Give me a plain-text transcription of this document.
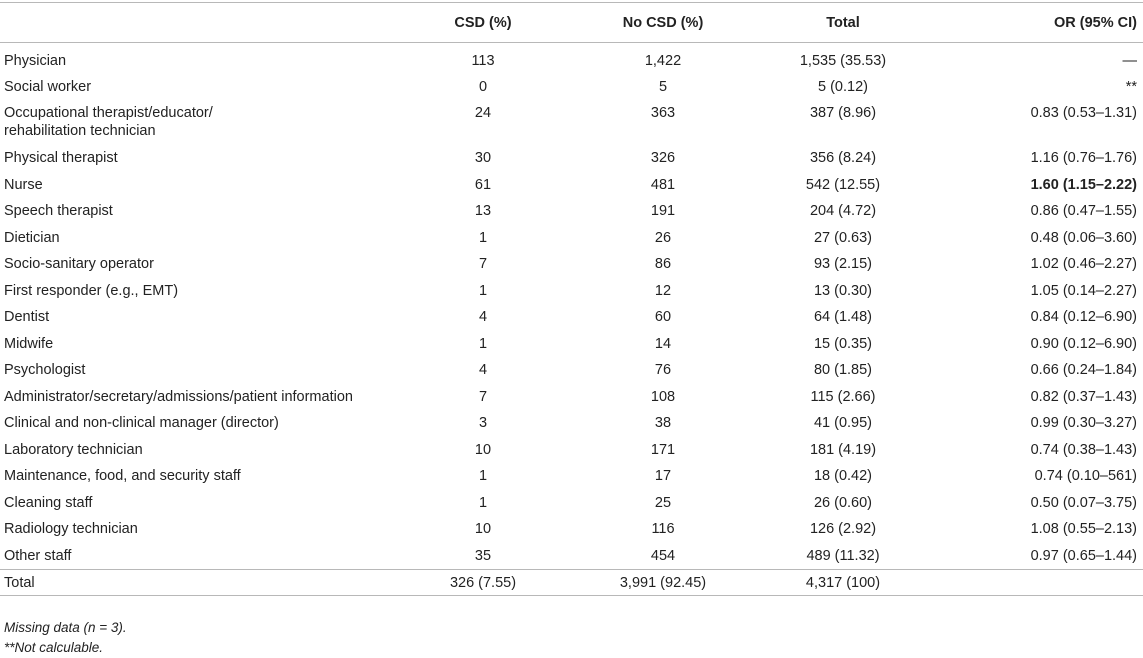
	CSD (%)	No CSD (%)	Total	OR (95% CI)
Physician	113	1,422	1,535 (35.53)	—
Social worker	0	5	5 (0.12)	**
Occupational therapist/educator/
rehabilitation technician	24	363	387 (8.96)	0.83 (0.53–1.31)
Physical therapist	30	326	356 (8.24)	1.16 (0.76–1.76)
Nurse	61	481	542 (12.55)	1.60 (1.15–2.22)
Speech therapist	13	191	204 (4.72)	0.86 (0.47–1.55)
Dietician	1	26	27 (0.63)	0.48 (0.06–3.60)
Socio-sanitary operator	7	86	93 (2.15)	1.02 (0.46–2.27)
First responder (e.g., EMT)	1	12	13 (0.30)	1.05 (0.14–2.27)
Dentist	4	60	64 (1.48)	0.84 (0.12–6.90)
Midwife	1	14	15 (0.35)	0.90 (0.12–6.90)
Psychologist	4	76	80 (1.85)	0.66 (0.24–1.84)
Administrator/secretary/admissions/patient information	7	108	115 (2.66)	0.82 (0.37–1.43)
Clinical and non-clinical manager (director)	3	38	41 (0.95)	0.99 (0.30–3.27)
Laboratory technician	10	171	181 (4.19)	0.74 (0.38–1.43)
Maintenance, food, and security staff	1	17	18 (0.42)	0.74 (0.10–561)
Cleaning staff	1	25	26 (0.60)	0.50 (0.07–3.75)
Radiology technician	10	116	126 (2.92)	1.08 (0.55–2.13)
Other staff	35	454	489 (11.32)	0.97 (0.65–1.44)
Total	326 (7.55)	3,991 (92.45)	4,317 (100)	
Missing data (n = 3).
**Not calculable.
